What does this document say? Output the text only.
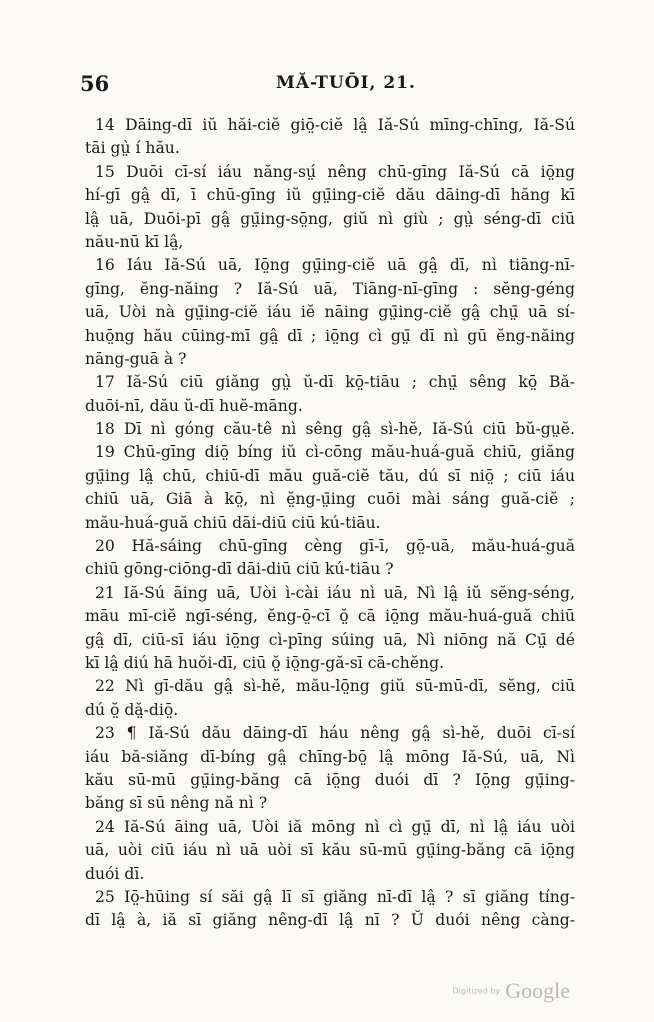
56	MĂ-TUŌI, 21.
14 Dāing-dī iŭ hăi-ciĕ giō̤-ciĕ lâ̤ Iă-Sú mīng-chīng, Iă-Sú
tāi gṳ̀ í hău.
15 Duōi cī-sí iáu năng-sṳ́ nêng chū-gīng Iă-Sú cā iō̤ng
hí-gī gâ̤ dī, ī chū-gīng iŭ gṳ̄ing-ciĕ dău dāing-dī hăng kī
lâ̤ uā, Duōi-pī gâ̤ gṳ̄ing-sō̤ng, giŭ nì giù ; gṳ̀ séng-dī ciū
nău-nū kī lâ̤,
16 Iáu Iă-Sú uā, Iō̤ng gṳ̄ing-ciĕ uā gâ̤ dī, nì tiāng-nī-
gīng, ĕng-năing ? Iă-Sú uā, Tiāng-nī-gīng : sĕng-géng
uā, Uòi nà gṳ̄ing-ciĕ iáu iĕ nāing gṳ̄ing-ciĕ gâ̤ chṳ̄ uā sí-
huō̤ng hău cūing-mī gâ̤ dī ; iō̤ng cì gṳ̄ dī nì gū ĕng-năing
nāng-guā à ?
17 Iă-Sú ciū giăng gṳ̀ ŭ-dī kō̤-tiāu ; chṳ̄ sêng kō̤ Bă-
duōi-nī, dău ŭ-dī huĕ-māng.
18 Dī nì góng cău-tê nì sêng gâ̤ sì-hĕ, Iă-Sú ciū bŭ-gṳĕ.
19 Chū-gīng diō̤ bíng iŭ cì-cōng mău-huá-guă chiū, giăng
gṳ̄ing lâ̤ chū, chiū-dī mău guă-ciĕ tău, dú sī niō̤ ; ciū iáu
chiū uā, Giā à kō̤, nì ĕ̤ng-ṳ̄ing cuōi mài sáng guă-ciĕ ;
mău-huá-guă chiū dāi-diū ciū kú-tiāu.
20 Hă-sáing chū-gīng cèng gī-ī, gō̤-uā, mău-huá-guă
chiū gōng-ciōng-dī dāi-diū ciū kú-tiāu ?
21 Iă-Sú āing uā, Uòi ì-cài iáu nì uā, Nì lâ̤ iŭ sĕng-séng,
māu mī-ciĕ ngī-séng, ĕng-ō̤-cī ŏ̤ cā iō̤ng mău-huá-guă chiū
gâ̤ dī, ciū-sī iáu iō̤ng cì-pīng súing uā, Nì niōng nă Cṳ̄ dé
kī lâ̤ diú hā huŏi-dī, ciū ŏ̤ iō̤ng-gă-sī cā-chĕng.
22 Nì gī-dău gâ̤ sì-hĕ, mău-lō̤ng giŭ sū-mū-dī, sĕng, ciū
dú ŏ̤ dă̤-diō̤.
23 ¶ Iă-Sú dău dāing-dī háu nêng gâ̤ sì-hĕ, duōi cī-sí
iáu bă-siăng dī-bíng gâ̤ chīng-bō̤ lâ̤ mōng Iă-Sú, uā, Nì
kău sū-mū gṳ̄ing-băng cā iō̤ng duói dī ? Iō̤ng gṳ̄ing-
băng sī sū nêng nă nì ?
24 Iă-Sú āing uā, Uòi iă mōng nì cì gṳ̄ dī, nì lâ̤ iáu uòi
uā, uòi ciū iáu nì uā uòi sī kău sū-mū gṳ̄ing-băng cā iō̤ng
duói dī.
25 Iō̤-hūing sí săi gâ̤ lī sī giăng nī-dī lâ̤ ? sī giăng tíng-
dī lâ̤ à, iă sī giăng nêng-dī lâ̤ nī ? Ŭ duói nêng càng-
Digitized by Google
